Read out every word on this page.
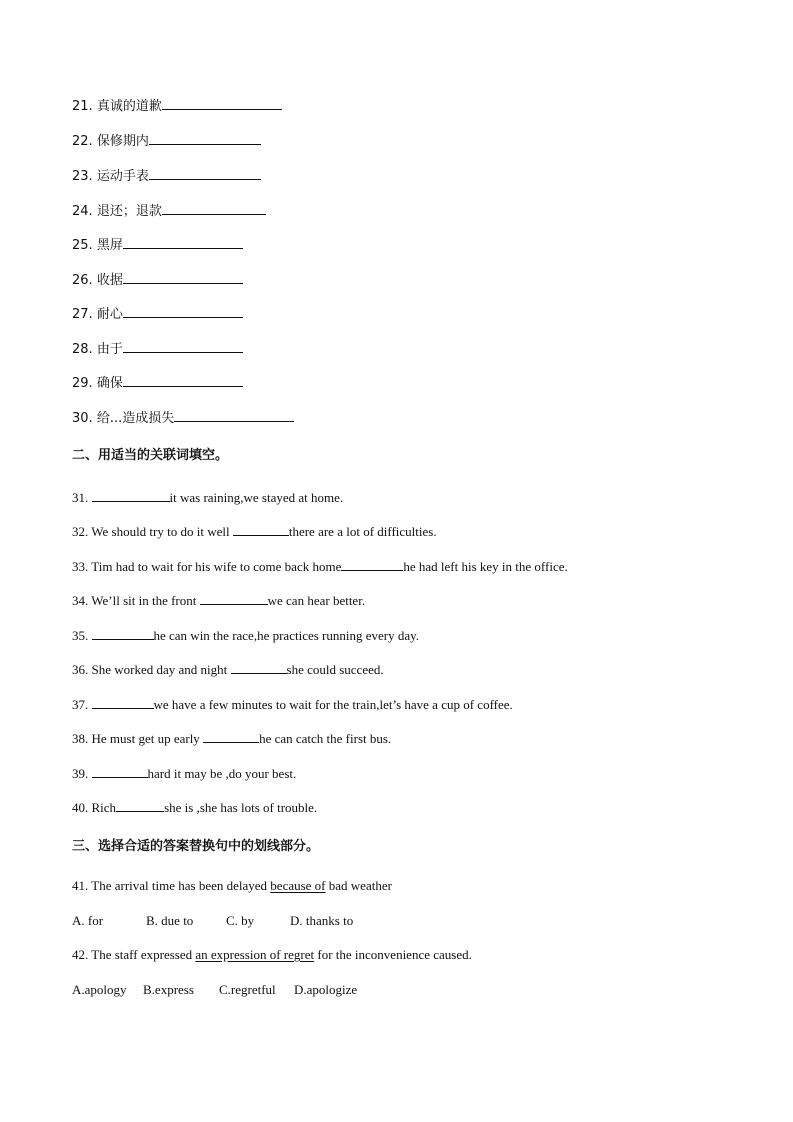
21. 真诚的道歉
22. 保修期内
23. 运动手表
24. 退还；退款
25. 黑屏
26. 收据
27. 耐心
28. 由于
29. 确保
30. 给...造成损失
二、用适当的关联词填空。
31.	it was raining,we stayed at home.
32. We should try to do it well	there are a lot of difficulties.
33. Tim had to wait for his wife to come back home	he had left his key in the office.
34. We’ll sit in the front	we can hear better.
35.	he can win the race,he practices running every day.
36. She worked day and night	she could succeed.
37.	we have a few minutes to wait for the train,let’s have a cup of coffee.
38. He must get up early	he can catch the first bus.
39.	hard it may be ,do your best.
40. Rich	she is ,she has lots of trouble.
三、选择合适的答案替换句中的划线部分。
41. The arrival time has been delayed because of bad weather
A. for	B. due to	C. by	D. thanks to
42. The staff expressed an expression of regret for the inconvenience caused.
A.apology B.express C.regretful D.apologize
